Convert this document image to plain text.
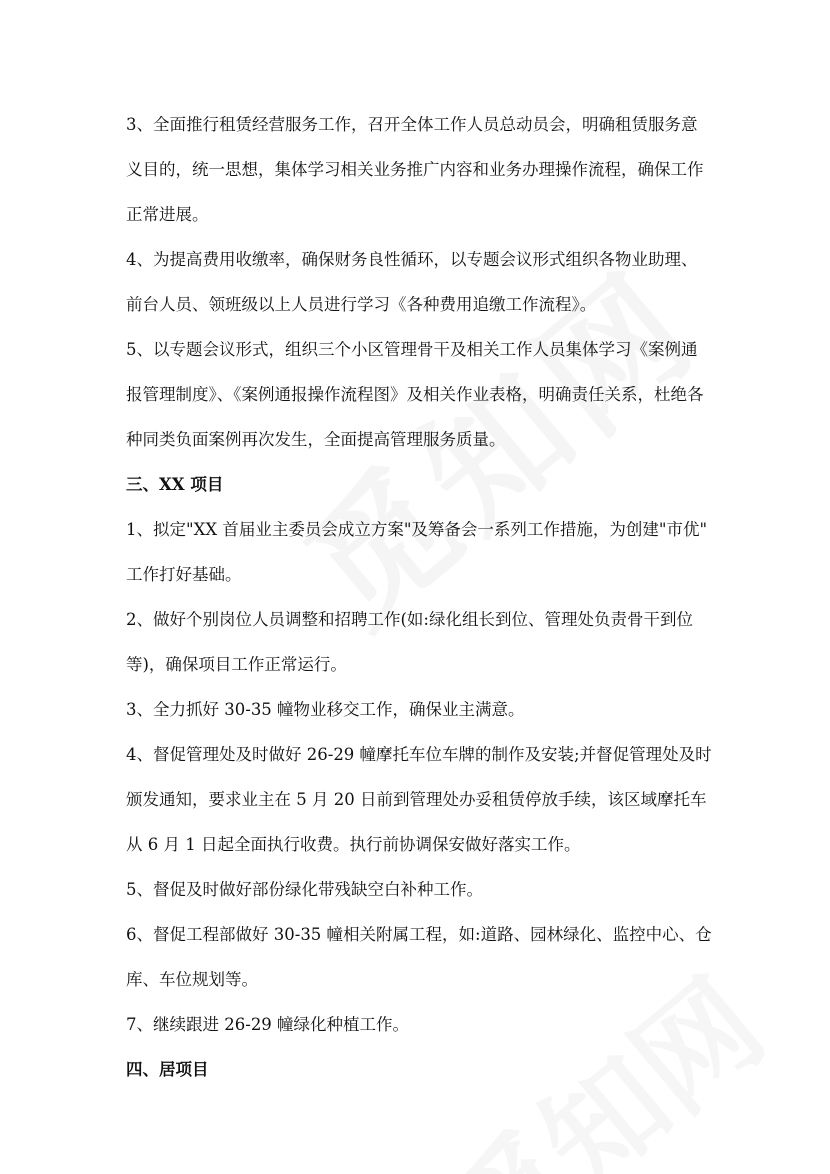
3、全面推行租赁经营服务工作，召开全体工作人员总动员会，明确租赁服务意
义目的，统一思想，集体学习相关业务推广内容和业务办理操作流程，确保工作
正常进展。

4、为提高费用收缴率，确保财务良性循环，以专题会议形式组织各物业助理、
前台人员、领班级以上人员进行学习《各种费用追缴工作流程》。

5、以专题会议形式，组织三个小区管理骨干及相关工作人员集体学习《案例通
报管理制度》、《案例通报操作流程图》及相关作业表格，明确责任关系，杜绝各
种同类负面案例再次发生，全面提高管理服务质量。

三、XX 项目

1、拟定"XX 首届业主委员会成立方案"及筹备会一系列工作措施，为创建"市优"
工作打好基础。

2、做好个别岗位人员调整和招聘工作(如:绿化组长到位、管理处负责骨干到位
等)，确保项目工作正常运行。

3、全力抓好 30-35 幢物业移交工作，确保业主满意。

4、督促管理处及时做好 26-29 幢摩托车位车牌的制作及安装;并督促管理处及时
颁发通知，要求业主在 5 月 20 日前到管理处办妥租赁停放手续，该区域摩托车
从 6 月 1 日起全面执行收费。执行前协调保安做好落实工作。

5、督促及时做好部份绿化带残缺空白补种工作。

6、督促工程部做好 30-35 幢相关附属工程，如:道路、园林绿化、监控中心、仓
库、车位规划等。

7、继续跟进 26-29 幢绿化种植工作。

四、居项目
